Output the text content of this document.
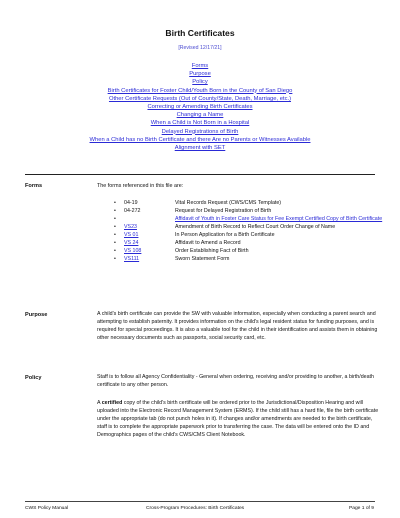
Birth Certificates
[Revised 12/17/21]
Forms
Purpose
Policy
Birth Certificates for Foster Child/Youth Born in the County of San Diego
Other Certificate Requests (Out of County/State, Death, Marriage, etc.)
Correcting or Amending Birth Certificates
Changing a Name
When a Child is Not Born in a Hospital
Delayed Registrations of Birth
When a Child has no Birth Certificate and there Are no Parents or Witnesses Available
Alignment with SET
Forms	The forms referenced in this file are:
•	04-19	Vital Records Request (CWS/CMS Template)
•	04-272	Request for Delayed Registration of Birth
•	Affidavit of Youth in Foster Care Status for Fee Exempt Certified Copy of Birth Certificate
•	VS23	Amendment of Birth Record to Reflect Court Order Change of Name
•	VS 01	In Person Application for a Birth Certificate
•	VS 24	Affidavit to Amend a Record
•	VS 108	Order Establishing Fact of Birth
•	VS111	Sworn Statement Form
Purpose	A child's birth certificate can provide the SW with valuable information, especially when conducting a parent search and attempting to establish paternity. It provides information on the child's legal resident status for funding purposes, and is required for special proceedings. It is also a valuable tool for the child in their identification and assists them in obtaining other necessary documents such as passports, social security card, etc.
Policy	Staff is to follow all Agency Confidentiality - General when ordering, receiving and/or providing to another, a birth/death certificate to any other person.
A certified copy of the child's birth certificate will be ordered prior to the Jurisdictional/Disposition Hearing and will uploaded into the Electronic Record Management System (ERMS). If the child still has a hard file, file the birth certificate under the appropriate tab (do not punch holes in it). If changes and/or amendments are needed to the birth certificate, staff is to complete the appropriate paperwork prior to transferring the case. The data will be entered onto the ID and Demographics pages of the child's CWS/CMS Client Notebook.
CWS Policy Manual	Cross-Program Procedures: Birth Certificates	Page 1 of 9
